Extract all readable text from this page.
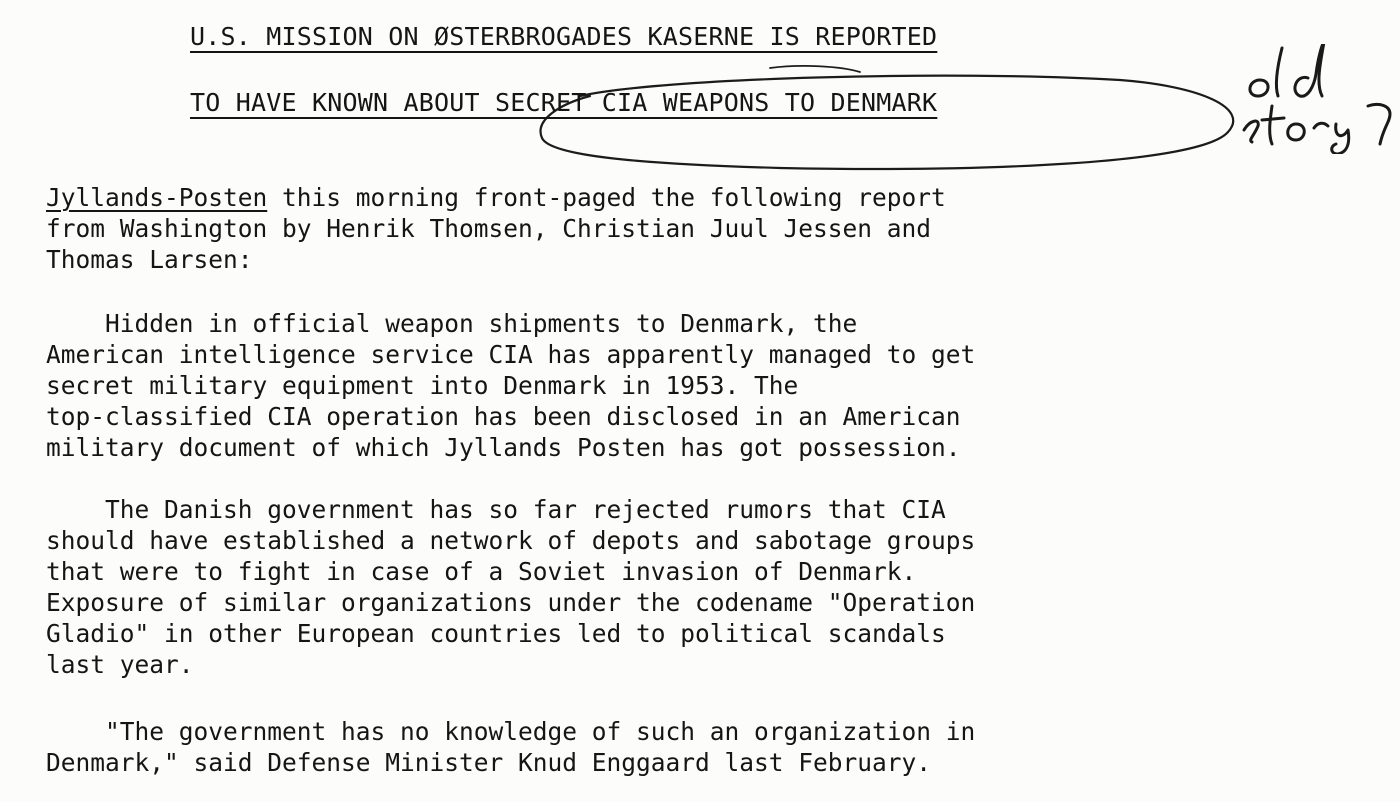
U.S. MISSION ON ØSTERBROGADES KASERNE IS REPORTED
TO HAVE KNOWN ABOUT SECRET CIA WEAPONS TO DENMARK

Jyllands-Posten this morning front-paged the following report
from Washington by Henrik Thomsen, Christian Juul Jessen and
Thomas Larsen:

Hidden in official weapon shipments to Denmark, the
American intelligence service CIA has apparently managed to get
secret military equipment into Denmark in 1953. The
top-classified CIA operation has been disclosed in an American
military document of which Jyllands Posten has got possession.

The Danish government has so far rejected rumors that CIA
should have established a network of depots and sabotage groups
that were to fight in case of a Soviet invasion of Denmark.
Exposure of similar organizations under the codename "Operation
Gladio" in other European countries led to political scandals
last year.

"The government has no knowledge of such an organization in
Denmark," said Defense Minister Knud Enggaard last February.
